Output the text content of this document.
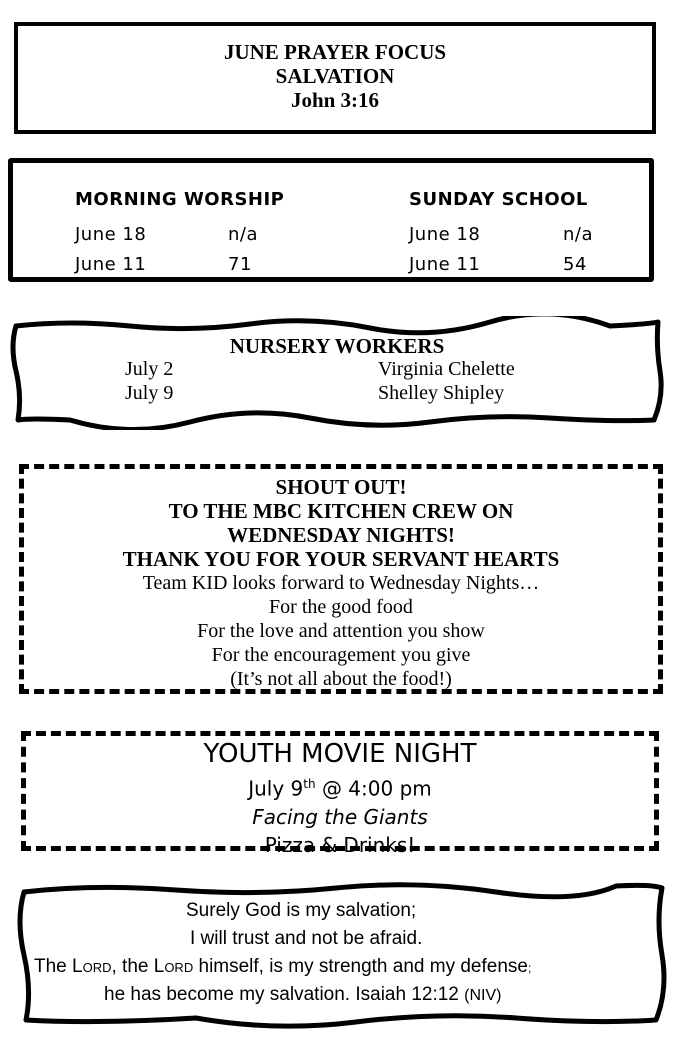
JUNE PRAYER FOCUS
SALVATION
John 3:16
MORNING WORSHIP
June 18	n/a
June 11	71
SUNDAY SCHOOL
June 18	n/a
June 11	54
NURSERY WORKERS
July 2	Virginia Chelette
July 9	Shelley Shipley
SHOUT OUT!
TO THE MBC KITCHEN CREW ON
WEDNESDAY NIGHTS!
THANK YOU FOR YOUR SERVANT HEARTS
Team KID looks forward to Wednesday Nights…
For the good food
For the love and attention you show
For the encouragement you give
(It’s not all about the food!)
YOUTH MOVIE NIGHT
July 9th @ 4:00 pm
Facing the Giants
Pizza & Drinks!
Surely God is my salvation;
I will trust and not be afraid.
The Lord, the Lord himself, is my strength and my defense;
he has become my salvation. Isaiah 12:12 (NIV)
